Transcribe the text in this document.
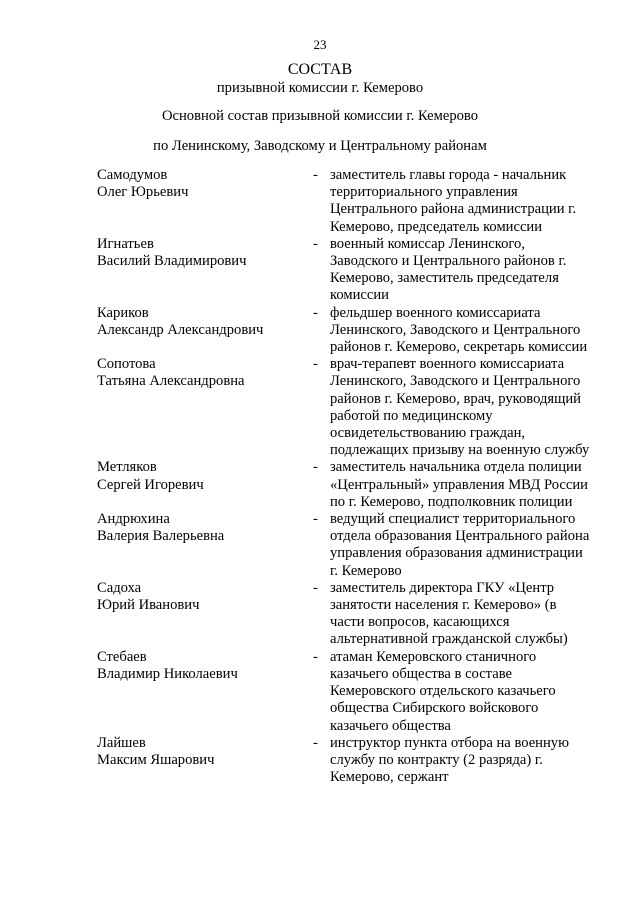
23
СОСТАВ
призывной комиссии г. Кемерово
Основной состав призывной комиссии г. Кемерово
по Ленинскому, Заводскому и Центральному районам
Самодумов
Олег Юрьевич
- заместитель главы города - начальник территориального управления Центрального района администрации г. Кемерово, председатель комиссии
Игнатьев
Василий Владимирович
- военный комиссар Ленинского, Заводского и Центрального районов г. Кемерово, заместитель председателя комиссии
Кариков
Александр Александрович
- фельдшер военного комиссариата Ленинского, Заводского и Центрального районов г. Кемерово, секретарь комиссии
Сопотова
Татьяна Александровна
- врач-терапевт военного комиссариата Ленинского, Заводского и Центрального районов г. Кемерово, врач, руководящий работой по медицинскому освидетельствованию граждан, подлежащих призыву на военную службу
Метляков
Сергей Игоревич
- заместитель начальника отдела полиции «Центральный» управления МВД России по г. Кемерово, подполковник полиции
Андрюхина
Валерия Валерьевна
- ведущий специалист территориального отдела образования Центрального района управления образования администрации г. Кемерово
Садоха
Юрий Иванович
- заместитель директора ГКУ «Центр занятости населения г. Кемерово» (в части вопросов, касающихся альтернативной гражданской службы)
Стебаев
Владимир Николаевич
- атаман Кемеровского станичного казачьего общества в составе Кемеровского отдельского казачьего общества Сибирского войскового казачьего общества
Лайшев
Максим Яшарович
- инструктор пункта отбора на военную службу по контракту (2 разряда) г. Кемерово, сержант
